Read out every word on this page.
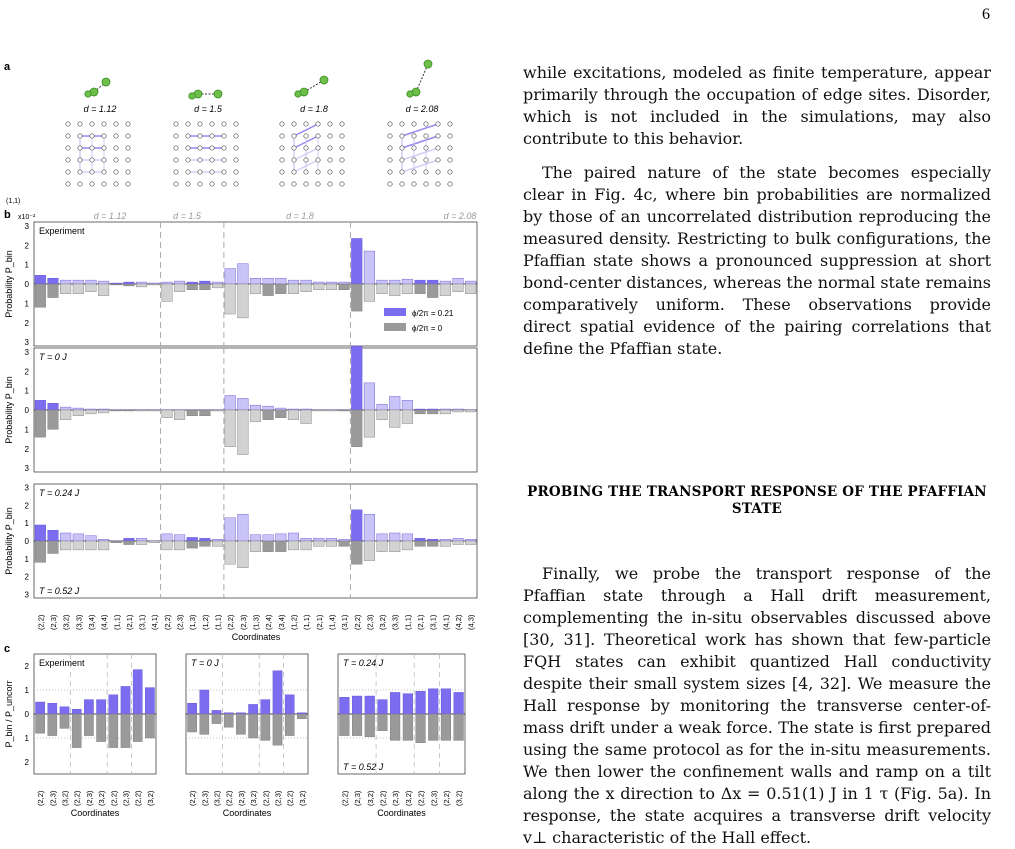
6
a
(1,1)
d = 1.12	d = 1.5	d = 1.8	d = 2.08
b x10⁻²	d = 1.12	d = 1.5	d = 1.8	d = 2.08
3
2
1
0
1
2
3
Probability P_bin
Experiment
3
2
1
0
1
2
3
Probability P_bin
T = 0 J
3
2
1
0
1
2
3
Probability P_bin
T = 0.24 J
T = 0.52 J
ϕ/2π = 0.21
ϕ/2π = 0
(2,2) (2,3) (3,2) (3,3) (3,4) (4,4) (1,1) (2,1) (3,1) (4,1) (2,2) (2,3) (1,3) (1,2) (1,1) (2,2) (2,3) (1,3) (2,4) (3,4) (1,2) (1,1) (2,1) (1,4) (3,1) (2,2) (2,3) (3,2) (3,3) (1,1) (2,1) (3,1) (4,1) (4,2) (4,3)
Coordinates
c
P_bin / P_uncorr
2
1
0
1
2
Experiment
(2,2) (2,3) (3,2) (2,2) (2,3) (3,2) (2,2) (2,3) (2,2) (3,2)
Coordinates
T = 0 J
(2,2) (2,3) (3,2) (2,2) (2,3) (3,2) (2,2) (2,3) (2,2) (3,2)
Coordinates
T = 0.24 J
T = 0.52 J
(2,2) (2,3) (3,2) (2,2) (2,3) (3,2) (2,2) (2,3) (2,2) (3,2)
Coordinates

while excitations, modeled as finite temperature, appear primarily through the occupation of edge sites. Disorder, which is not included in the simulations, may also contribute to this behavior.

The paired nature of the state becomes especially clear in Fig. 4c, where bin probabilities are normalized by those of an uncorrelated distribution reproducing the measured density. Restricting to bulk configurations, the Pfaffian state shows a pronounced suppression at short bond-center distances, whereas the normal state remains comparatively uniform. These observations provide direct spatial evidence of the pairing correlations that define the Pfaffian state.

PROBING THE TRANSPORT RESPONSE OF THE PFAFFIAN STATE

Finally, we probe the transport response of the Pfaffian state through a Hall drift measurement, complementing the in-situ observables discussed above [30, 31]. Theoretical work has shown that few-particle FQH states can exhibit quantized Hall conductivity despite their small system sizes [4, 32]. We measure the Hall response by monitoring the transverse center-of-mass drift under a weak force. The state is first prepared using the same protocol as for the in-situ measurements. We then lower the confinement walls and ramp on a tilt along the x direction to Δx = 0.51(1) J in 1 τ (Fig. 5a). In response, the state acquires a transverse drift velocity v⊥ characteristic of the Hall effect.
